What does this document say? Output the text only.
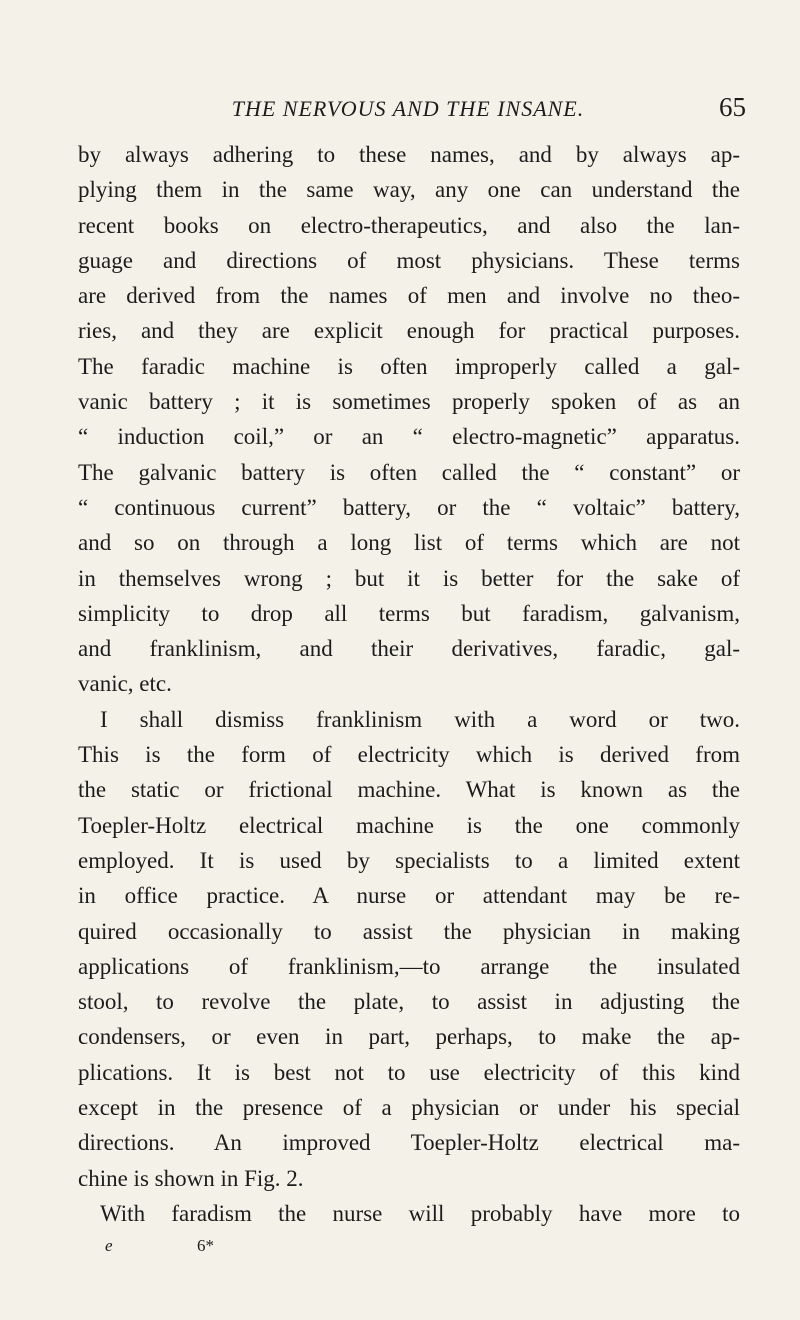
THE NERVOUS AND THE INSANE.	65
by always adhering to these names, and by always ap-
plying them in the same way, any one can understand the
recent books on electro-therapeutics, and also the lan-
guage and directions of most physicians. These terms
are derived from the names of men and involve no theo-
ries, and they are explicit enough for practical purposes.
The faradic machine is often improperly called a gal-
vanic battery ; it is sometimes properly spoken of as an
“ induction coil,” or an “ electro-magnetic” apparatus.
The galvanic battery is often called the “ constant” or
“ continuous current” battery, or the “ voltaic” battery,
and so on through a long list of terms which are not
in themselves wrong ; but it is better for the sake of
simplicity to drop all terms but faradism, galvanism,
and franklinism, and their derivatives, faradic, gal-
vanic, etc.
I shall dismiss franklinism with a word or two.
This is the form of electricity which is derived from
the static or frictional machine. What is known as the
Toepler-Holtz electrical machine is the one commonly
employed. It is used by specialists to a limited extent
in office practice. A nurse or attendant may be re-
quired occasionally to assist the physician in making
applications of franklinism,—to arrange the insulated
stool, to revolve the plate, to assist in adjusting the
condensers, or even in part, perhaps, to make the ap-
plications. It is best not to use electricity of this kind
except in the presence of a physician or under his special
directions. An improved Toepler-Holtz electrical ma-
chine is shown in Fig. 2.
With faradism the nurse will probably have more to
e	6*
